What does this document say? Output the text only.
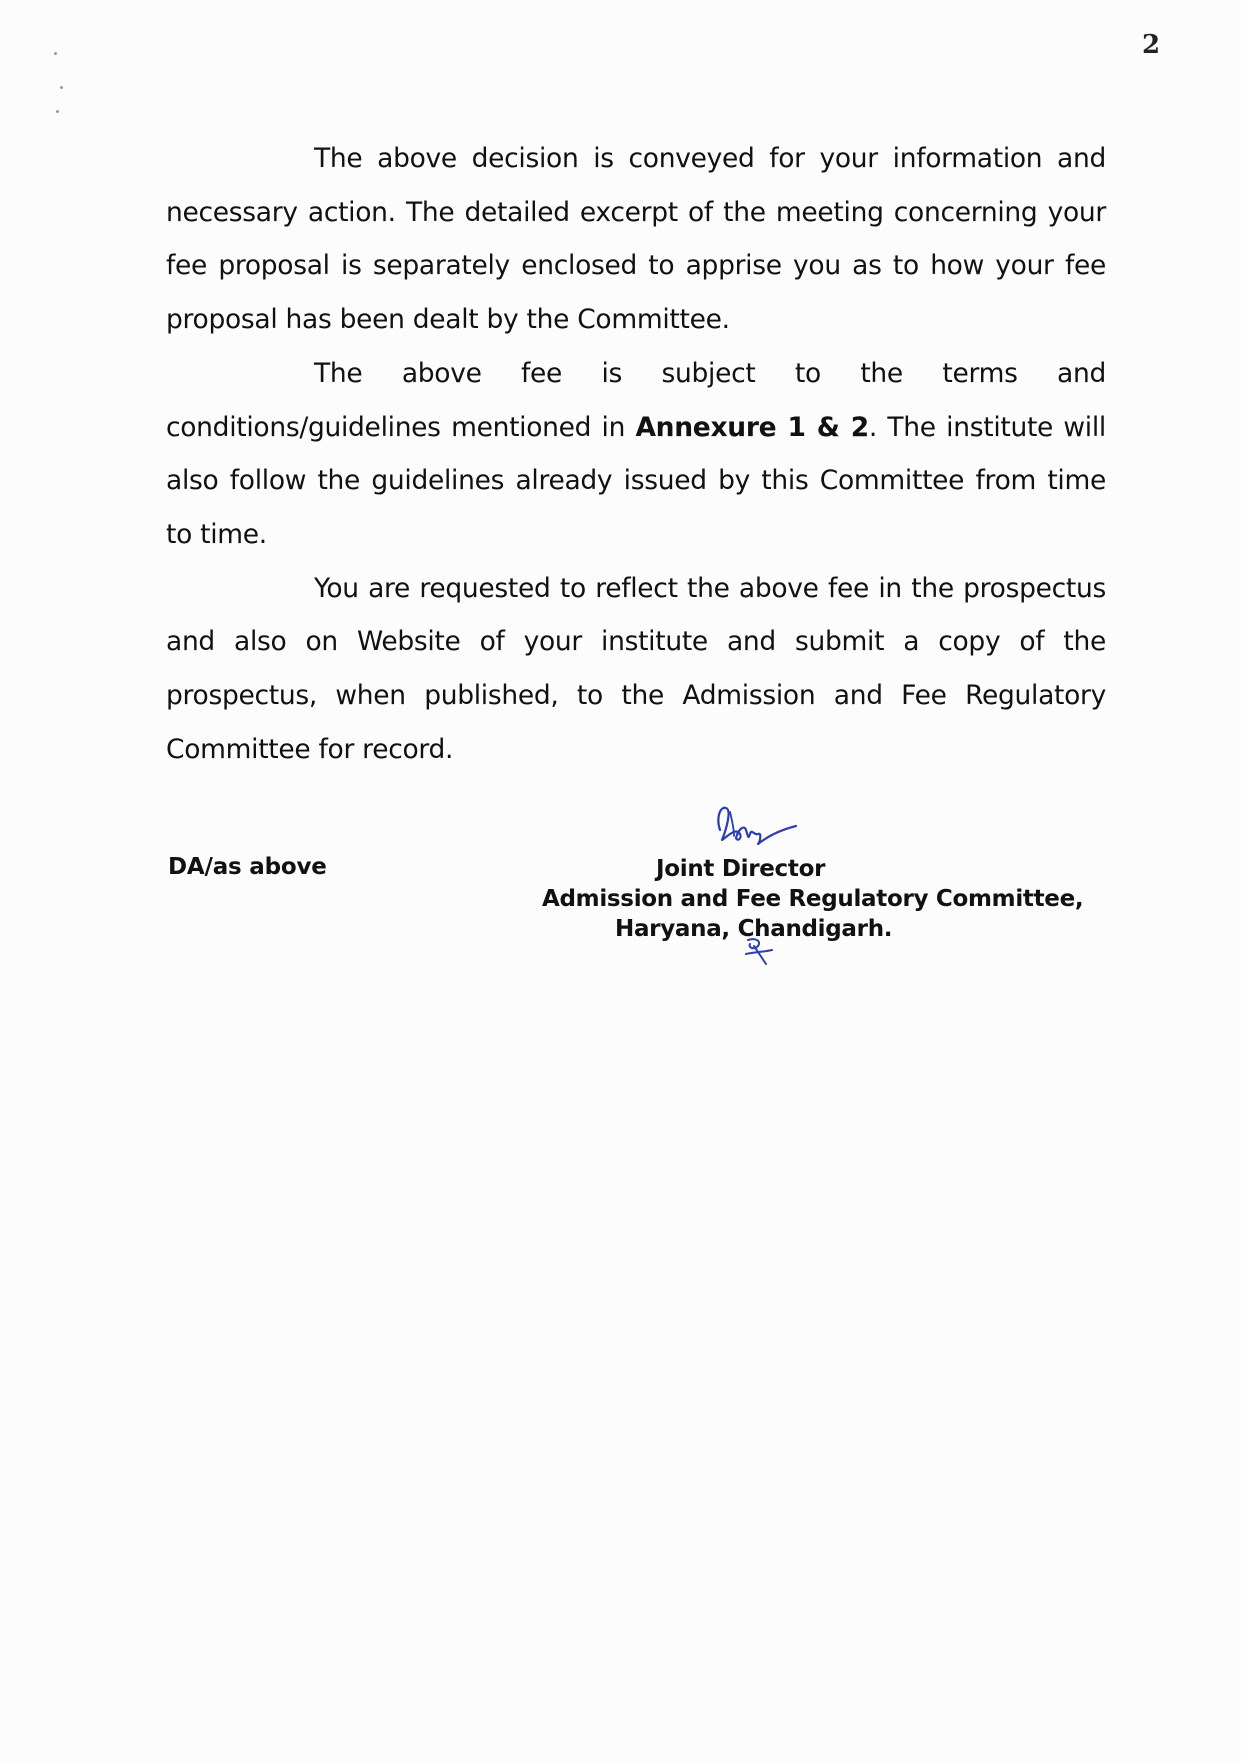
2

The above decision is conveyed for your information and necessary action. The detailed excerpt of the meeting concerning your fee proposal is separately enclosed to apprise you as to how your fee proposal has been dealt by the Committee.

The above fee is subject to the terms and conditions/guidelines mentioned in Annexure 1 & 2. The institute will also follow the guidelines already issued by this Committee from time to time.

You are requested to reflect the above fee in the prospectus and also on Website of your institute and submit a copy of the prospectus, when published, to the Admission and Fee Regulatory Committee for record.

DA/as above	Joint Director
Admission and Fee Regulatory Committee,
Haryana, Chandigarh.
